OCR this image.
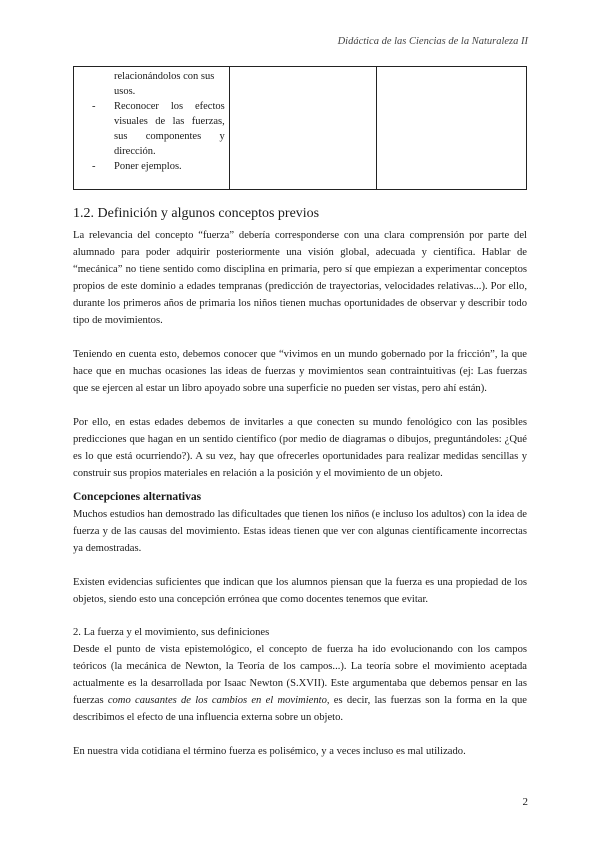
Didáctica de las Ciencias de la Naturaleza II

relacionándolos con sus

usos.

-	Reconocer los efectos visuales de las fuerzas, sus componentes y dirección.
-	Poner ejemplos.

1.2. Definición y algunos conceptos previos

La relevancia del concepto “fuerza” debería corresponderse con una clara comprensión por parte del alumnado para poder adquirir posteriormente una visión global, adecuada y científica. Hablar de “mecánica” no tiene sentido como disciplina en primaria, pero sí que empiezan a experimentar conceptos propios de este dominio a edades tempranas (predicción de trayectorias, velocidades relativas...). Por ello, durante los primeros años de primaria los niños tienen muchas oportunidades de observar y describir todo tipo de movimientos.

Teniendo en cuenta esto, debemos conocer que “vivimos en un mundo gobernado por la fricción”, la que hace que en muchas ocasiones las ideas de fuerzas y movimientos sean contraintuitivas (ej: Las fuerzas que se ejercen al estar un libro apoyado sobre una superficie no pueden ser vistas, pero ahí están).

Por ello, en estas edades debemos de invitarles a que conecten su mundo fenológico con las posibles predicciones que hagan en un sentido científico (por medio de diagramas o dibujos, preguntándoles: ¿Qué es lo que está ocurriendo?). A su vez, hay que ofrecerles oportunidades para realizar medidas sencillas y construir sus propios materiales en relación a la posición y el movimiento de un objeto.

Concepciones alternativas

Muchos estudios han demostrado las dificultades que tienen los niños (e incluso los adultos) con la idea de fuerza y de las causas del movimiento. Estas ideas tienen que ver con algunas científicamente incorrectas ya demostradas.

Existen evidencias suficientes que indican que los alumnos piensan que la fuerza es una propiedad de los objetos, siendo esto una concepción errónea que como docentes tenemos que evitar.

2. La fuerza y el movimiento, sus definiciones

Desde el punto de vista epistemológico, el concepto de fuerza ha ido evolucionando con los campos teóricos (la mecánica de Newton, la Teoría de los campos...). La teoría sobre el movimiento aceptada actualmente es la desarrollada por Isaac Newton (S.XVII). Este argumentaba que debemos pensar en las fuerzas como causantes de los cambios en el movimiento, es decir, las fuerzas son la forma en la que describimos el efecto de una influencia externa sobre un objeto.

En nuestra vida cotidiana el término fuerza es polisémico, y a veces incluso es mal utilizado.

2
